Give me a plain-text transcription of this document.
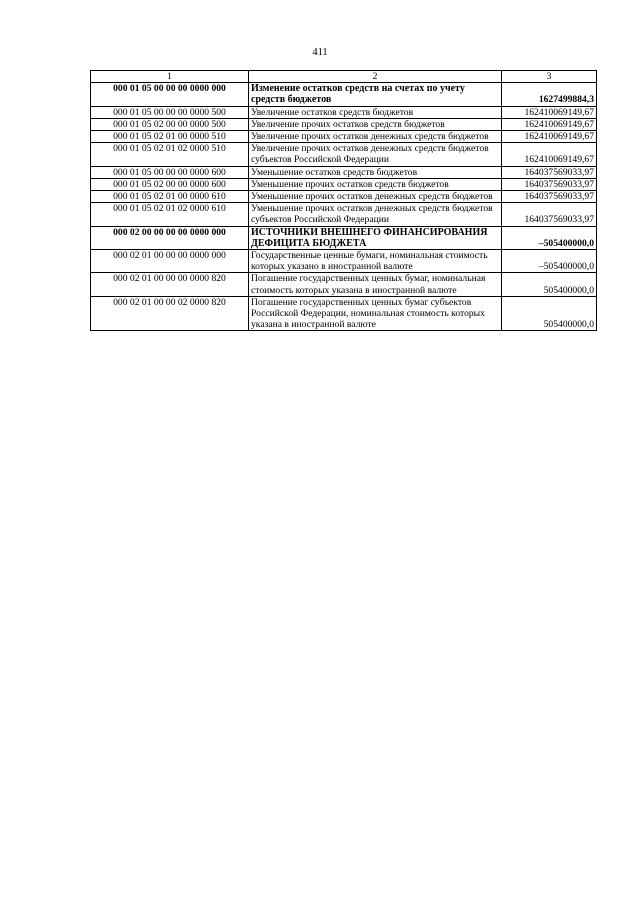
411
1	2	3
000 01 05 00 00 00 0000 000	Изменение остатков средств на счетах по учету средств бюджетов	1627499884,3
000 01 05 00 00 00 0000 500	Увеличение остатков средств бюджетов	162410069149,67
000 01 05 02 00 00 0000 500	Увеличение прочих остатков средств бюджетов	162410069149,67
000 01 05 02 01 00 0000 510	Увеличение прочих остатков денежных средств бюджетов	162410069149,67
000 01 05 02 01 02 0000 510	Увеличение прочих остатков денежных средств бюджетов субъектов Российской Федерации	162410069149,67
000 01 05 00 00 00 0000 600	Уменьшение остатков средств бюджетов	164037569033,97
000 01 05 02 00 00 0000 600	Уменьшение прочих остатков средств бюджетов	164037569033,97
000 01 05 02 01 00 0000 610	Уменьшение прочих остатков денежных средств бюджетов	164037569033,97
000 01 05 02 01 02 0000 610	Уменьшение прочих остатков денежных средств бюджетов субъектов Российской Федерации	164037569033,97
000 02 00 00 00 00 0000 000	ИСТОЧНИКИ ВНЕШНЕГО ФИНАНСИРОВАНИЯ ДЕФИЦИТА БЮДЖЕТА	–505400000,0
000 02 01 00 00 00 0000 000	Государственные ценные бумаги, номинальная стоимость которых указано в иностранной валюте	–505400000,0
000 02 01 00 00 00 0000 820	Погашение государственных ценных бумаг, номинальная стоимость которых указана в иностранной валюте	505400000,0
000 02 01 00 00 02 0000 820	Погашение государственных ценных бумаг субъектов Российской Федерации, номинальная стоимость которых указана в иностранной валюте	505400000,0
